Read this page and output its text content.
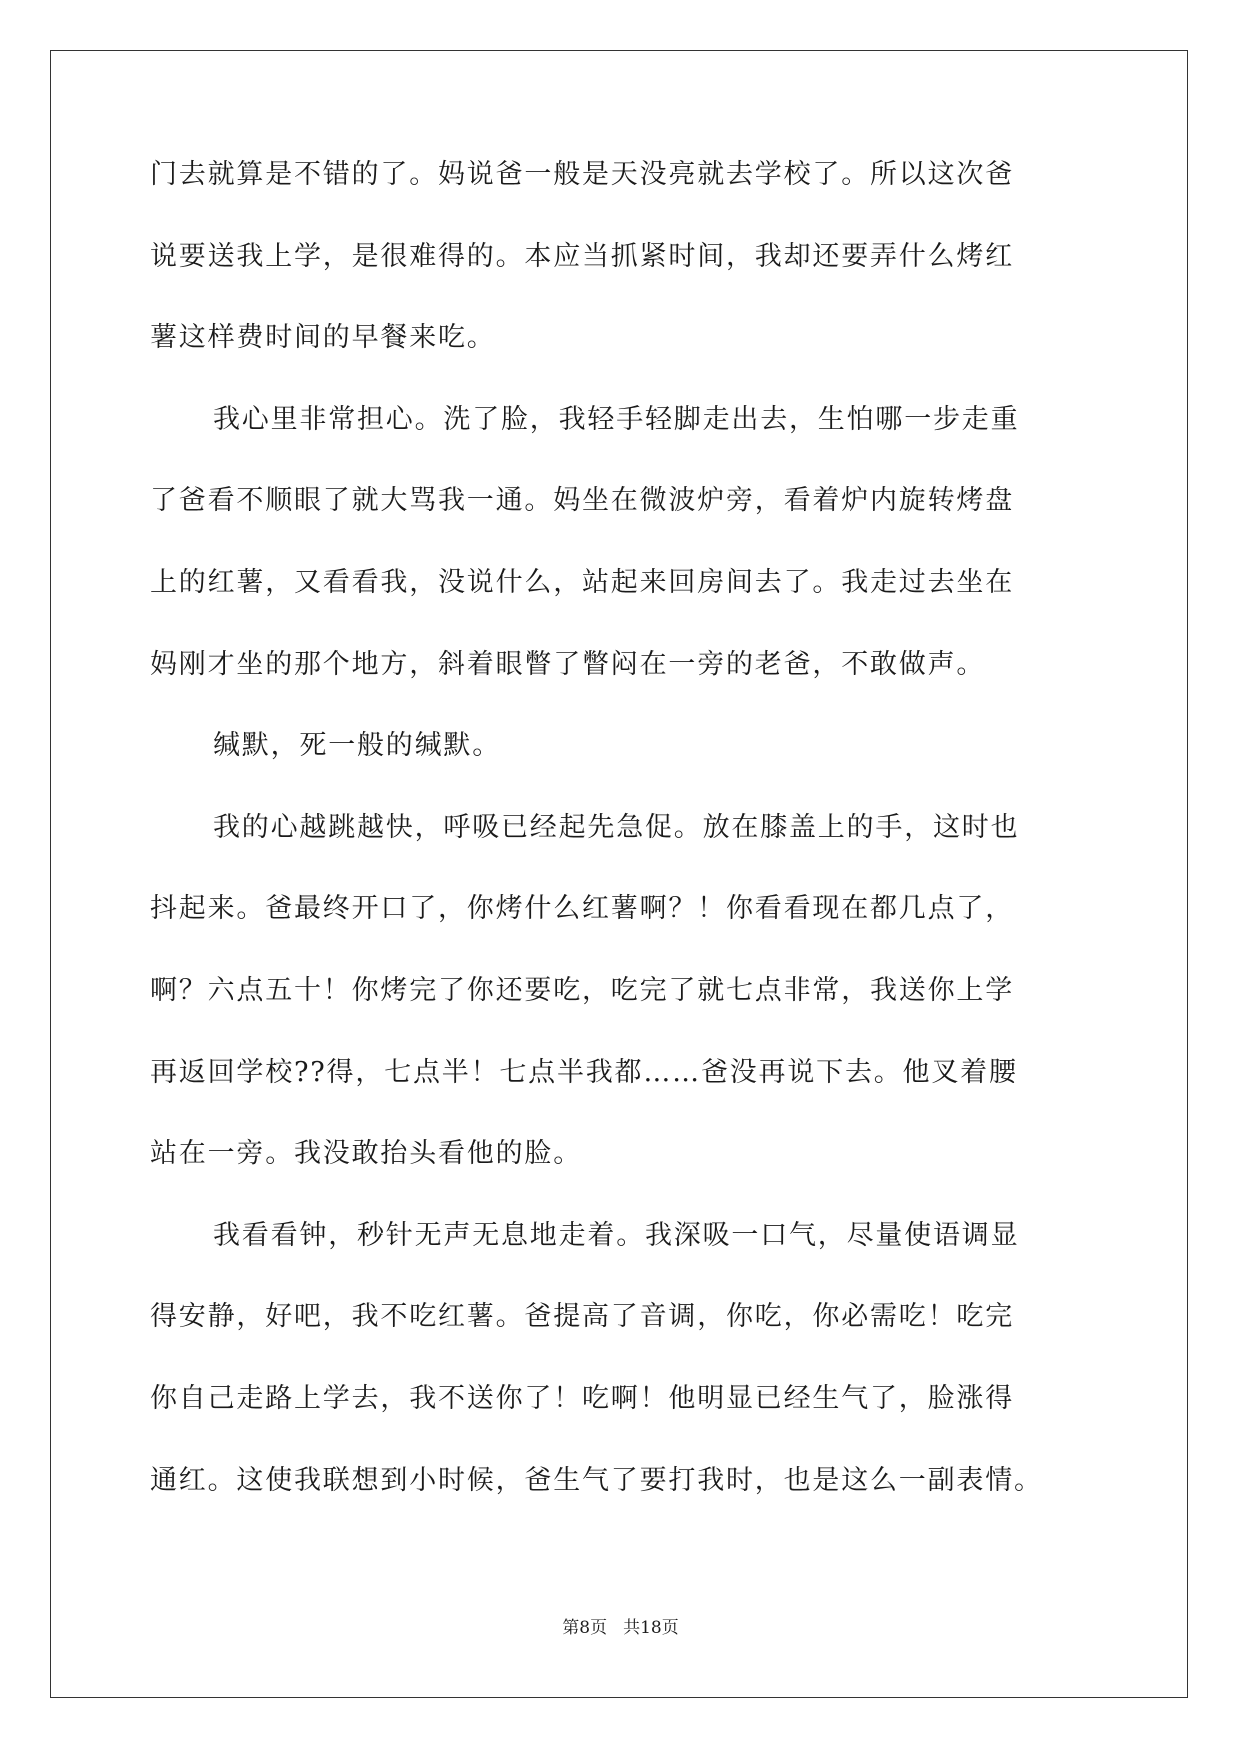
门去就算是不错的了。妈说爸一般是天没亮就去学校了。所以这次爸
说要送我上学，是很难得的。本应当抓紧时间，我却还要弄什么烤红
薯这样费时间的早餐来吃。
我心里非常担心。洗了脸，我轻手轻脚走出去，生怕哪一步走重
了爸看不顺眼了就大骂我一通。妈坐在微波炉旁，看着炉内旋转烤盘
上的红薯，又看看我，没说什么，站起来回房间去了。我走过去坐在
妈刚才坐的那个地方，斜着眼瞥了瞥闷在一旁的老爸，不敢做声。
缄默，死一般的缄默。
我的心越跳越快，呼吸已经起先急促。放在膝盖上的手，这时也
抖起来。爸最终开口了，你烤什么红薯啊？！你看看现在都几点了，
啊？六点五十！你烤完了你还要吃，吃完了就七点非常，我送你上学
再返回学校??得，七点半！七点半我都……爸没再说下去。他叉着腰
站在一旁。我没敢抬头看他的脸。
我看看钟，秒针无声无息地走着。我深吸一口气，尽量使语调显
得安静，好吧，我不吃红薯。爸提高了音调，你吃，你必需吃！吃完
你自己走路上学去，我不送你了！吃啊！他明显已经生气了，脸涨得
通红。这使我联想到小时候，爸生气了要打我时，也是这么一副表情。
第8页 共18页
